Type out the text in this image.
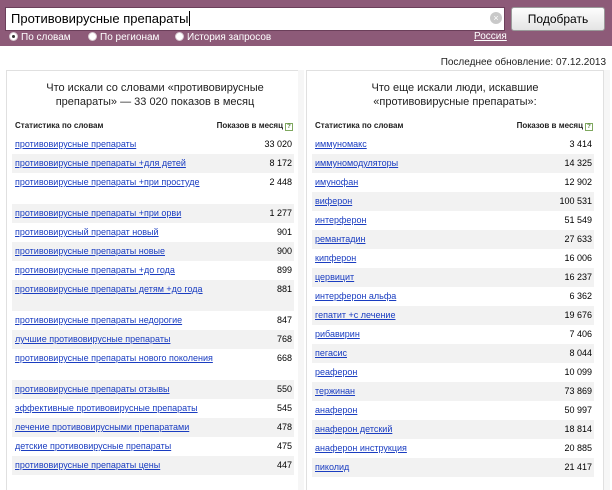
Противовирусные препараты	×	Подобрать
По словам	По регионам	История запросов	Россия
Последнее обновление: 07.12.2013
Что искали со словами «противовирусные препараты» — 33 020 показов в месяц
Статистика по словам	Показов в месяц ?
противовирусные препараты	33 020
противовирусные препараты +для детей	8 172
противовирусные препараты +при простуде	2 448
противовирусные препараты +при орви	1 277
противовирусный препарат новый	901
противовирусные препараты новые	900
противовирусные препараты +до года	899
противовирусные препараты детям +до года	881
противовирусные препараты недорогие	847
лучшие противовирусные препараты	768
противовирусные препараты нового поколения	668
противовирусные препараты отзывы	550
эффективные противовирусные препараты	545
лечение противовирусными препаратами	478
детские противовирусные препараты	475
противовирусные препараты цены	447
Что еще искали люди, искавшие «противовирусные препараты»:
Статистика по словам	Показов в месяц ?
иммуномакс	3 414
иммуномодуляторы	14 325
имунофан	12 902
виферон	100 531
интерферон	51 549
ремантадин	27 633
кипферон	16 006
цервицит	16 237
интерферон альфа	6 362
гепатит +с лечение	19 676
рибавирин	7 406
пегасис	8 044
реаферон	10 099
тержинан	73 869
анаферон	50 997
анаферон детский	18 814
анаферон инструкция	20 885
пиколид	21 417
